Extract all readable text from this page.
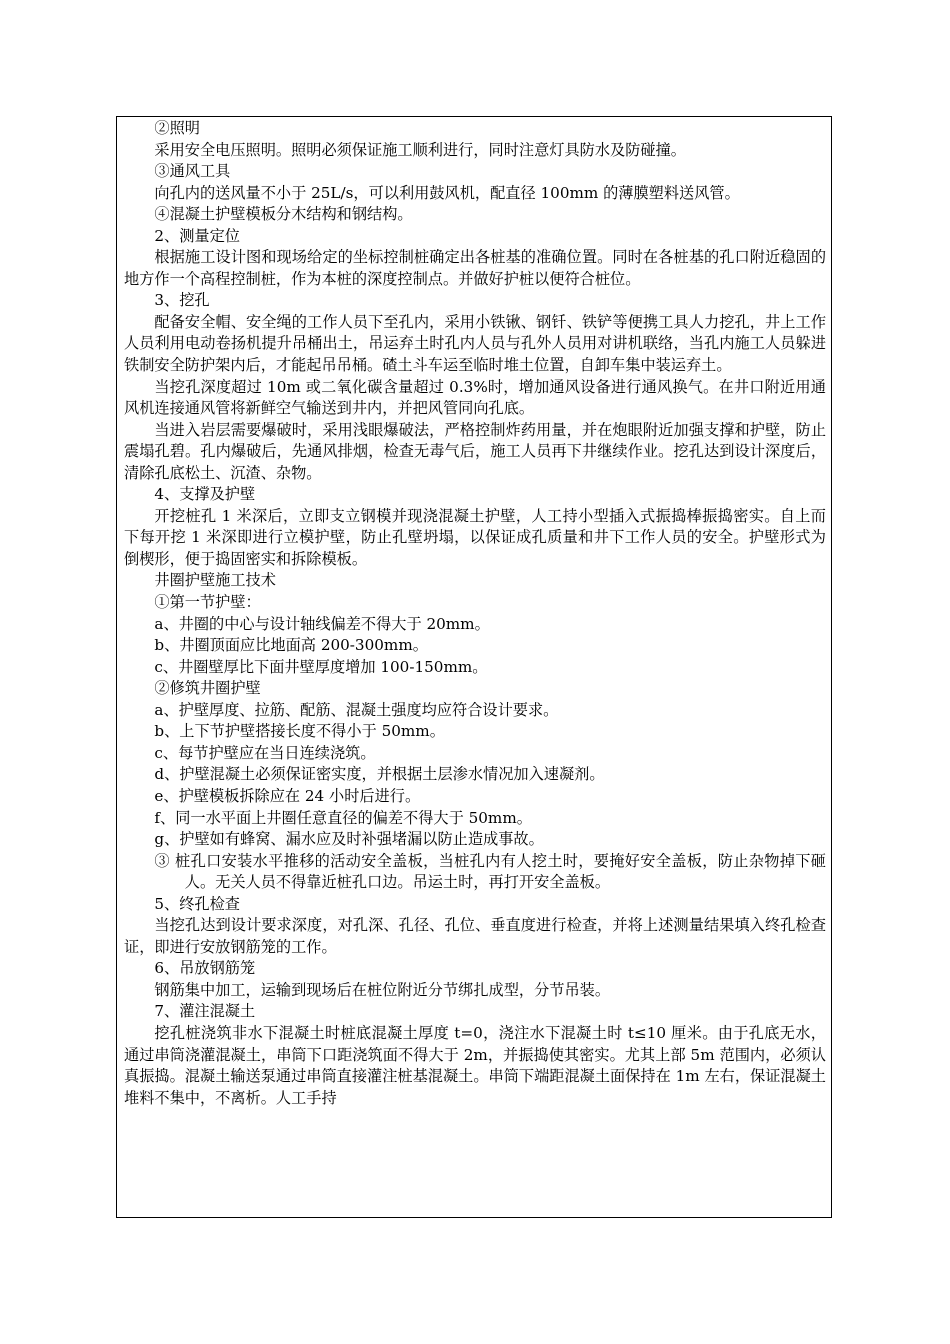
②照明

采用安全电压照明。照明必须保证施工顺利进行，同时注意灯具防水及防碰撞。

③通风工具

向孔内的送风量不小于 25L/s，可以利用鼓风机，配直径 100mm 的薄膜塑料送风管。

④混凝土护壁模板分木结构和钢结构。

2、测量定位

根据施工设计图和现场给定的坐标控制桩确定出各桩基的准确位置。同时在各桩基的孔口附近稳固的地方作一个高程控制桩，作为本桩的深度控制点。并做好护桩以便符合桩位。

3、挖孔

配备安全帽、安全绳的工作人员下至孔内，采用小铁锹、钢钎、铁铲等便携工具人力挖孔，井上工作人员利用电动卷扬机提升吊桶出土，吊运弃土时孔内人员与孔外人员用对讲机联络，当孔内施工人员躲进铁制安全防护架内后，才能起吊吊桶。碴土斗车运至临时堆土位置，自卸车集中装运弃土。

当挖孔深度超过 10m 或二氧化碳含量超过 0.3%时，增加通风设备进行通风换气。在井口附近用通风机连接通风管将新鲜空气输送到井内，并把风管同向孔底。

当进入岩层需要爆破时，采用浅眼爆破法，严格控制炸药用量，并在炮眼附近加强支撑和护壁，防止震塌孔碧。孔内爆破后，先通风排烟，检查无毒气后，施工人员再下井继续作业。挖孔达到设计深度后，清除孔底松土、沉渣、杂物。

4、支撑及护壁

开挖桩孔 1 米深后，立即支立钢模并现浇混凝土护壁，人工持小型插入式振捣棒振捣密实。自上而下每开挖 1 米深即进行立模护壁，防止孔壁坍塌，以保证成孔质量和井下工作人员的安全。护壁形式为倒楔形，便于捣固密实和拆除模板。

井圈护壁施工技术

①第一节护壁：

a、井圈的中心与设计轴线偏差不得大于 20mm。

b、井圈顶面应比地面高 200-300mm。

c、井圈壁厚比下面井壁厚度增加 100-150mm。

②修筑井圈护壁

a、护壁厚度、拉筋、配筋、混凝土强度均应符合设计要求。

b、上下节护壁搭接长度不得小于 50mm。

c、每节护壁应在当日连续浇筑。

d、护壁混凝土必须保证密实度，并根据土层渗水情况加入速凝剂。

e、护壁模板拆除应在 24 小时后进行。

f、同一水平面上井圈任意直径的偏差不得大于 50mm。

g、护壁如有蜂窝、漏水应及时补强堵漏以防止造成事故。

③ 桩孔口安装水平推移的活动安全盖板，当桩孔内有人挖土时，要掩好安全盖板，防止杂物掉下砸人。无关人员不得靠近桩孔口边。吊运土时，再打开安全盖板。

5、终孔检查

当挖孔达到设计要求深度，对孔深、孔径、孔位、垂直度进行检查，并将上述测量结果填入终孔检查证，即进行安放钢筋笼的工作。

6、吊放钢筋笼

钢筋集中加工，运输到现场后在桩位附近分节绑扎成型，分节吊装。

7、灌注混凝土

挖孔桩浇筑非水下混凝土时桩底混凝土厚度 t=0，浇注水下混凝土时 t≤10 厘米。由于孔底无水，通过串筒浇灌混凝土，串筒下口距浇筑面不得大于 2m，并振捣使其密实。尤其上部 5m 范围内，必须认真振捣。混凝土输送泵通过串筒直接灌注桩基混凝土。串筒下端距混凝土面保持在 1m 左右，保证混凝土堆料不集中，不离析。人工手持
